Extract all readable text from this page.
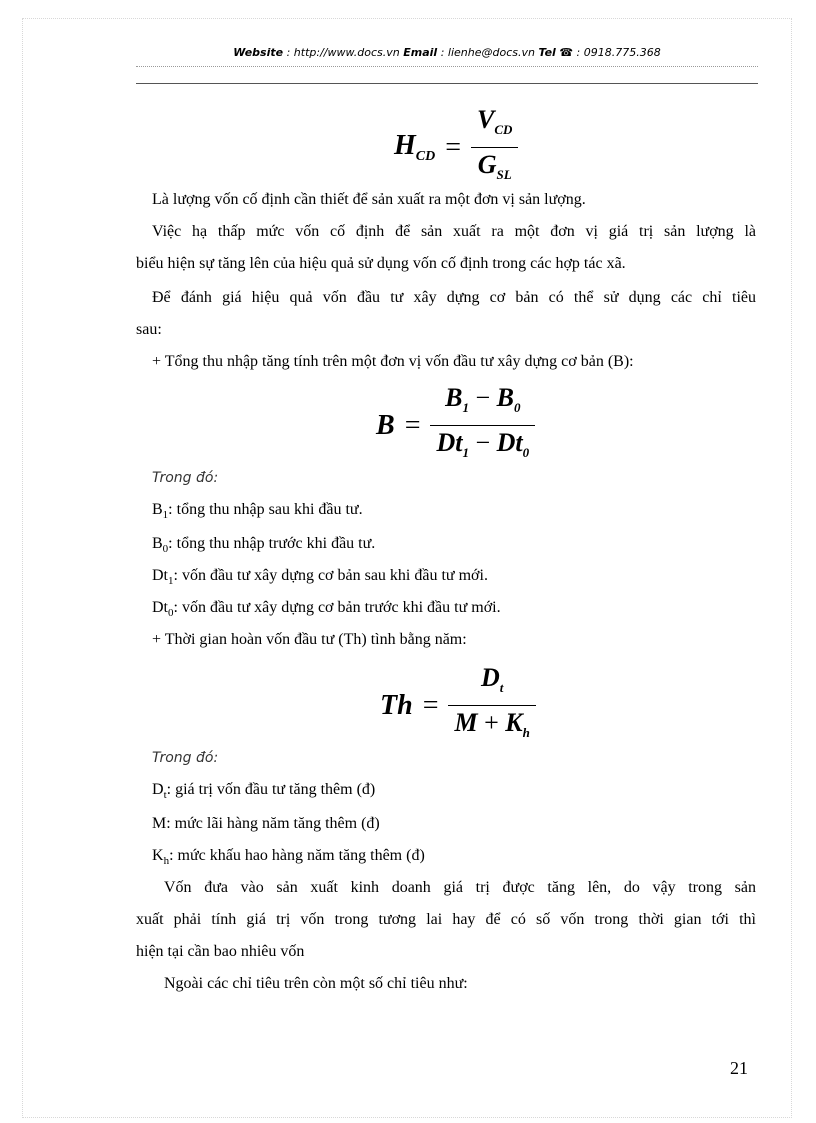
Website : http://www.docs.vn Email : lienhe@docs.vn Tel ☎ : 0918.775.368
$H_{CD} = \frac{V_{CD}}{G_{SL}}$
Là lượng vốn cố định cần thiết để sản xuất ra một đơn vị sản lượng.
Việc hạ thấp mức vốn cố định để sản xuất ra một đơn vị giá trị sản lượng là
biểu hiện sự tăng lên của hiệu quả sử dụng vốn cố định trong các hợp tác xã.
Để đánh giá hiệu quả vốn đầu tư xây dựng cơ bản có thể sử dụng các chỉ tiêu
sau:
+ Tổng thu nhập tăng tính trên một đơn vị vốn đầu tư xây dựng cơ bản (B):
$B = \frac{B_1 - B_0}{Dt_1 - Dt_0}$
Trong đó:
$B_1$: tổng thu nhập sau khi đầu tư.
$B_0$: tổng thu nhập trước khi đầu tư.
$Dt_1$: vốn đầu tư xây dựng cơ bản sau khi đầu tư mới.
$Dt_0$: vốn đầu tư xây dựng cơ bản trước khi đầu tư mới.
+ Thời gian hoàn vốn đầu tư (Th) tình bằng năm:
$Th = \frac{D_t}{M + K_h}$
Trong đó:
$D_t$: giá trị vốn đầu tư tăng thêm (đ)
M: mức lãi hàng năm tăng thêm (đ)
$K_h$: mức khấu hao hàng năm tăng thêm (đ)
Vốn đưa vào sản xuất kinh doanh giá trị được tăng lên, do vậy trong sản
xuất phải tính giá trị vốn trong tương lai hay để có số vốn trong thời gian tới thì
hiện tại cần bao nhiêu vốn
Ngoài các chỉ tiêu trên còn một số chỉ tiêu như:
21
